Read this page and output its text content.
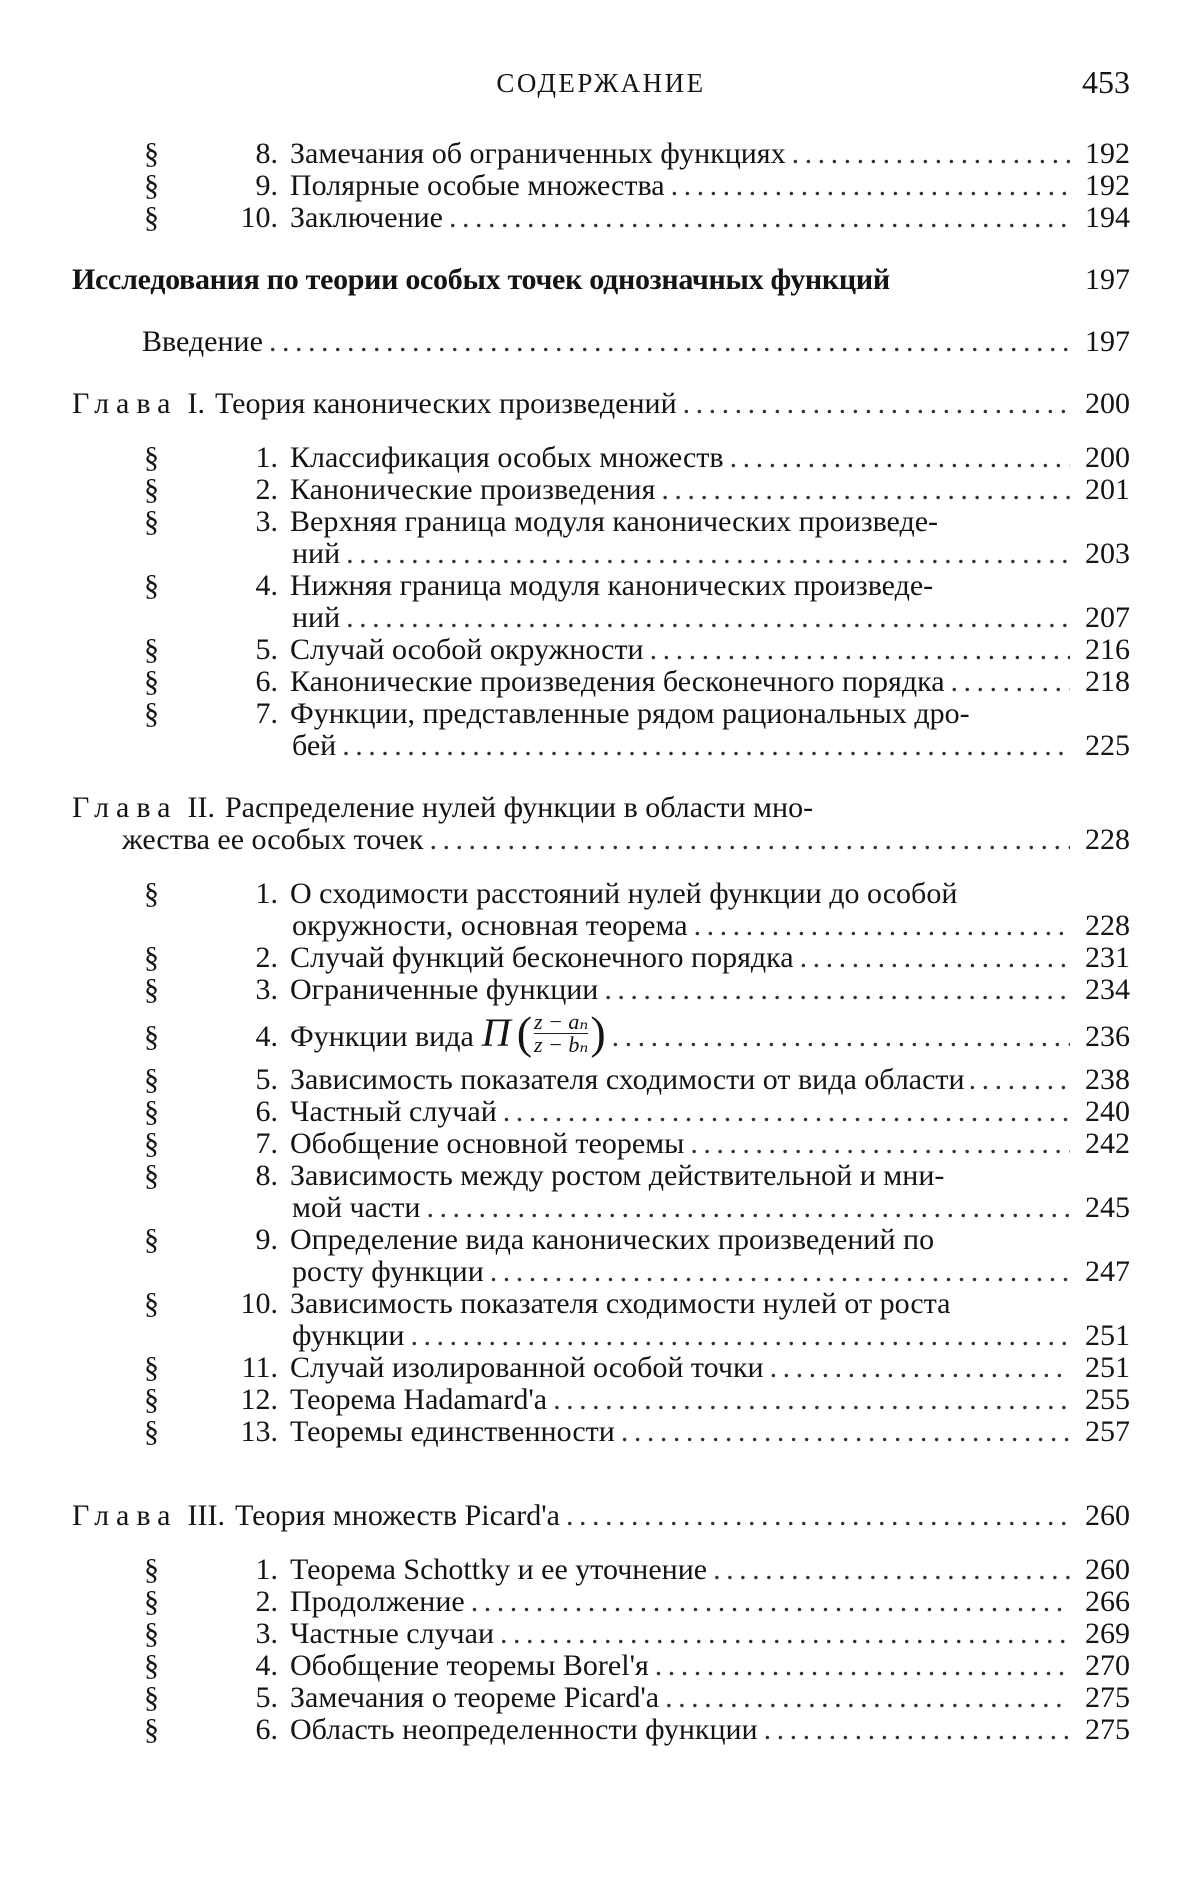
СОДЕРЖАНИЕ	453
§	8. Замечания об ограниченных функциях . . .	192
§	9. Полярные особые множества . . .	192
§	10. Заключение . . .	194
Исследования по теории особых точек однозначных функций	197
Введение . . .	197
Глава I. Теория канонических произведений . . .	200
§	1. Классификация особых множеств . . .	200
§	2. Канонические произведения . . .	201
§	3. Верхняя граница модуля канонических произведе-
ний . . .	203
§	4. Нижняя граница модуля канонических произведе-
ний . . .	207
§	5. Случай особой окружности . . .	216
§	6. Канонические произведения бесконечного порядка . . .	218
§	7. Функции, представленные рядом рациональных дро-
бей . . .	225
Глава II. Распределение нулей функции в области мно-
жества ее особых точек . . .	228
§	1. О сходимости расстояний нулей функции до особой
окружности, основная теорема . . .	228
§	2. Случай функций бесконечного порядка . . .	231
§	3. Ограниченные функции . . .	234
§	4. Функции вида Π ( $\frac{\text{z − aₙ}}{\text{z − bₙ}}$ ) . . .	236
§	5. Зависимость показателя сходимости от вида области . . .	238
§	6. Частный случай . . .	240
§	7. Обобщение основной теоремы . . .	242
§	8. Зависимость между ростом действительной и мни-
мой части . . .	245
§	9. Определение вида канонических произведений по
росту функции . . .	247
§	10. Зависимость показателя сходимости нулей от роста
функции . . .	251
§	11. Случай изолированной особой точки . . .	251
§	12. Теорема Hadamard'a . . .	255
§	13. Теоремы единственности . . .	257
Глава III. Теория множеств Picard'a . . .	260
§	1. Теорема Schottky и ее уточнение . . .	260
§	2. Продолжение . . .	266
§	3. Частные случаи . . .	269
§	4. Обобщение теоремы Borel'я . . .	270
§	5. Замечания о теореме Picard'a . . .	275
§	6. Область неопределенности функции . . .	275
